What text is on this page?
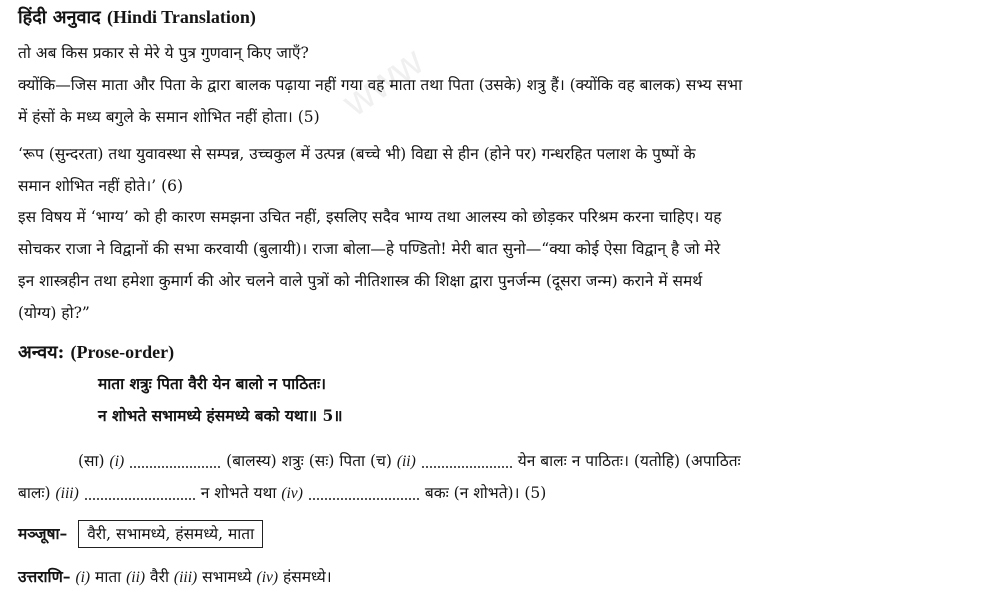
www
हिंदी अनुवाद (Hindi Translation)
तो अब किस प्रकार से मेरे ये पुत्र गुणवान् किए जाएँ?
क्योंकि—जिस माता और पिता के द्वारा बालक पढ़ाया नहीं गया वह माता तथा पिता (उसके) शत्रु हैं। (क्योंकि वह बालक) सभ्य सभा
में हंसों के मध्य बगुले के समान शोभित नहीं होता। (5)
‘रूप (सुन्दरता) तथा युवावस्था से सम्पन्न, उच्चकुल में उत्पन्न (बच्चे भी) विद्या से हीन (होने पर) गन्धरहित पलाश के पुष्पों के
समान शोभित नहीं होते।’ (6)
इस विषय में ‘भाग्य’ को ही कारण समझना उचित नहीं, इसलिए सदैव भाग्य तथा आलस्य को छोड़कर परिश्रम करना चाहिए। यह
सोचकर राजा ने विद्वानों की सभा करवायी (बुलायी)। राजा बोला—हे पण्डितो! मेरी बात सुनो—“क्या कोई ऐसा विद्वान् है जो मेरे
इन शास्त्रहीन तथा हमेशा कुमार्ग की ओर चलने वाले पुत्रों को नीतिशास्त्र की शिक्षा द्वारा पुनर्जन्म (दूसरा जन्म) कराने में समर्थ
(योग्य) हो?”
अन्वय: (Prose-order)
माता शत्रुः पिता वैरी येन बालो न पाठितः।
न शोभते सभामध्ये हंसमध्ये बको यथा॥ 5॥
(सा) (i)	(बालस्य) शत्रुः (सः) पिता (च) (ii)	येन बालः न पाठितः। (यतोहि) (अपाठितः
बालः) (iii)	न शोभते यथा (iv)	बकः (न शोभते)। (5)
मञ्जूषा– वैरी, सभामध्ये, हंसमध्ये, माता
उत्तराणि– (i) माता (ii) वैरी (iii) सभामध्ये (iv) हंसमध्ये।
